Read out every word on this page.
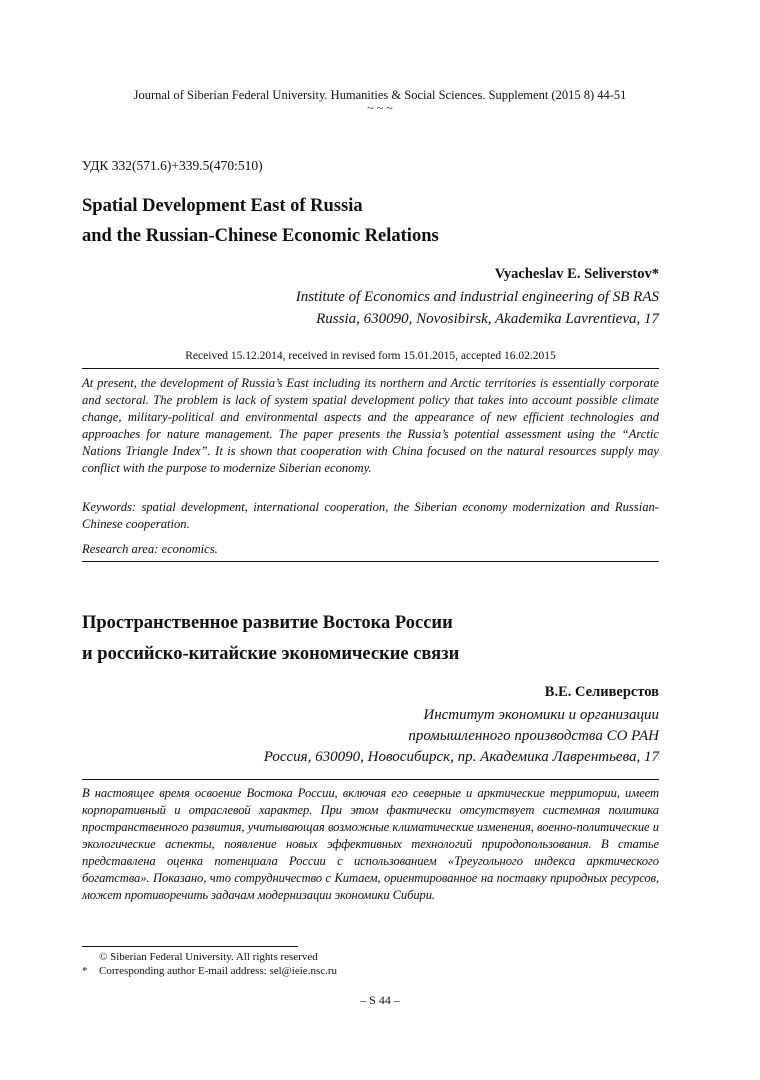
Journal of Siberian Federal University. Humanities & Social Sciences. Supplement (2015 8) 44-51

~ ~ ~

УДК 332(571.6)+339.5(470:510)

Spatial Development East of Russia

and the Russian-Chinese Economic Relations

Vyacheslav E. Seliverstov*

Institute of Economics and industrial engineering of SB RAS

Russia, 630090, Novosibirsk, Akademika Lavrentieva, 17

Received 15.12.2014, received in revised form 15.01.2015, accepted 16.02.2015

At present, the development of Russia’s East including its northern and Arctic territories is essentially corporate and sectoral. The problem is lack of system spatial development policy that takes into account possible climate change, military-political and environmental aspects and the appearance of new efficient technologies and approaches for nature management. The paper presents the Russia’s potential assessment using the “Arctic Nations Triangle Index”. It is shown that cooperation with China focused on the natural resources supply may conflict with the purpose to modernize Siberian economy.

Keywords: spatial development, international cooperation, the Siberian economy modernization and Russian-Chinese cooperation.

Research area: economics.

Пространственное развитие Востока России

и российско-китайские экономические связи

В.Е. Селиверстов

Институт экономики и организации

промышленного производства СО РАН

Россия, 630090, Новосибирск, пр. Академика Лаврентьева, 17

В настоящее время освоение Востока России, включая его северные и арктические территории, имеет корпоративный и отраслевой характер. При этом фактически отсутствует системная политика пространственного развития, учитывающая возможные климатические изменения, военно-политические и экологические аспекты, появление новых эффективных технологий природопользования. В статье представлена оценка потенциала России с использованием «Треугольного индекса арктического богатства». Показано, что сотрудничество с Китаем, ориентированное на поставку природных ресурсов, может противоречить задачам модернизации экономики Сибири.

© Siberian Federal University. All rights reserved

* Corresponding author E-mail address: sel@ieie.nsc.ru

– S 44 –
